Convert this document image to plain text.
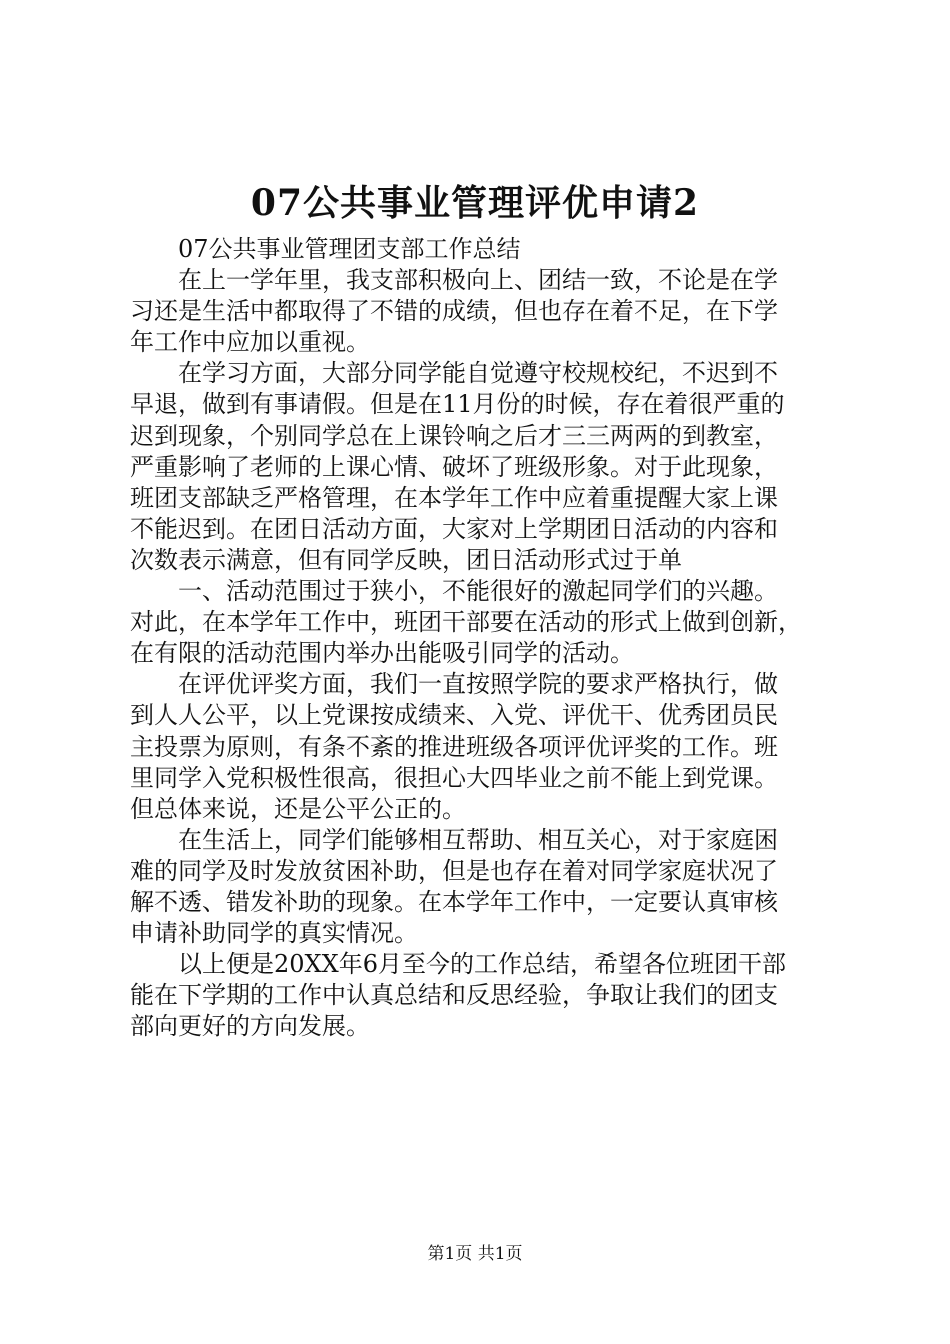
07公共事业管理评优申请2
07公共事业管理团支部工作总结
在上一学年里，我支部积极向上、团结一致，不论是在学
习还是生活中都取得了不错的成绩，但也存在着不足，在下学
年工作中应加以重视。
在学习方面，大部分同学能自觉遵守校规校纪，不迟到不
早退，做到有事请假。但是在11月份的时候，存在着很严重的
迟到现象，个别同学总在上课铃响之后才三三两两的到教室，
严重影响了老师的上课心情、破坏了班级形象。对于此现象，
班团支部缺乏严格管理，在本学年工作中应着重提醒大家上课
不能迟到。在团日活动方面，大家对上学期团日活动的内容和
次数表示满意，但有同学反映，团日活动形式过于单
一、活动范围过于狭小，不能很好的激起同学们的兴趣。
对此，在本学年工作中，班团干部要在活动的形式上做到创新，
在有限的活动范围内举办出能吸引同学的活动。
在评优评奖方面，我们一直按照学院的要求严格执行，做
到人人公平，以上党课按成绩来、入党、评优干、优秀团员民
主投票为原则，有条不紊的推进班级各项评优评奖的工作。班
里同学入党积极性很高，很担心大四毕业之前不能上到党课。
但总体来说，还是公平公正的。
在生活上，同学们能够相互帮助、相互关心，对于家庭困
难的同学及时发放贫困补助，但是也存在着对同学家庭状况了
解不透、错发补助的现象。在本学年工作中，一定要认真审核
申请补助同学的真实情况。
以上便是20XX年6月至今的工作总结，希望各位班团干部
能在下学期的工作中认真总结和反思经验，争取让我们的团支
部向更好的方向发展。
第1页 共1页
